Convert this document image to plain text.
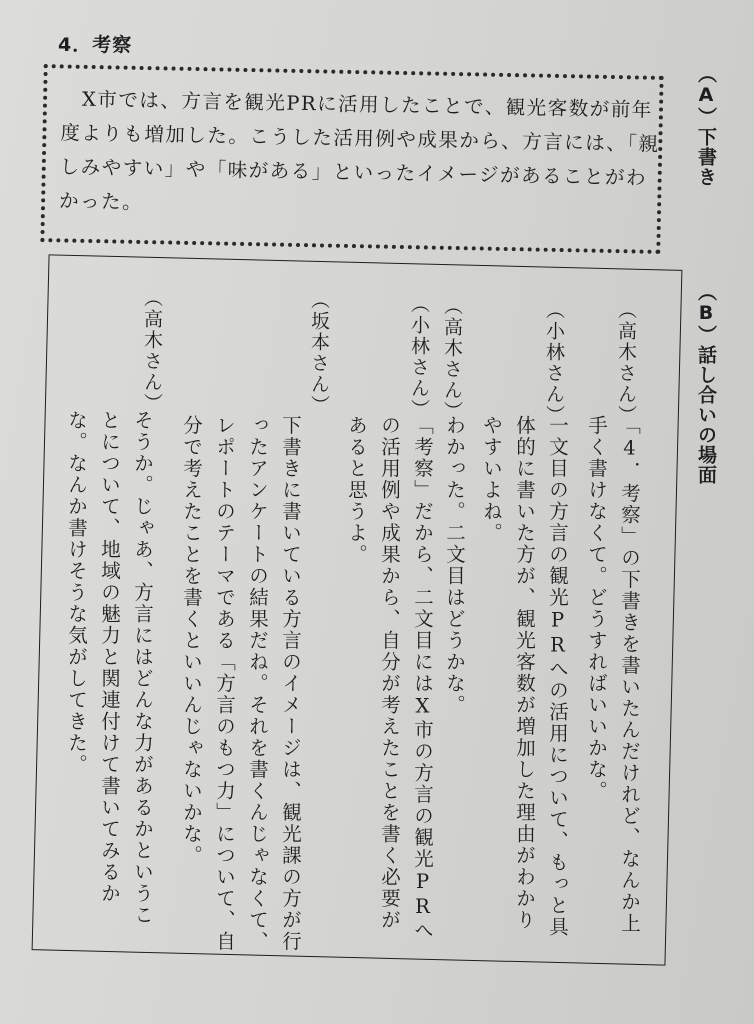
4．考察
（A）下書き
　X市では、方言を観光PRに活用したことで、観光客数が前年度よりも増加した。こうした活用例や成果から、方言には、「親しみやすい」や「味がある」といったイメージがあることがわかった。
（B）話し合いの場面
（高木さん）
「4．考察」の下書きを書いたんだけれど、なんか上手く書けなくて。どうすればいいかな。
（小林さん）
一文目の方言の観光PRへの活用について、もっと具体的に書いた方が、観光客数が増加した理由がわかりやすいよね。
（高木さん）
わかった。二文目はどうかな。
（小林さん）
「考察」だから、二文目にはX市の方言の観光PRへの活用例や成果から、自分が考えたことを書く必要があると思うよ。
（坂本さん）
下書きに書いている方言のイメージは、観光課の方が行ったアンケートの結果だね。それを書くんじゃなくて、レポートのテーマである「方言のもつ力」について、自分で考えたことを書くといいんじゃないかな。
（高木さん）
そうか。じゃあ、方言にはどんな力があるかということについて、地域の魅力と関連付けて書いてみるかな。なんか書けそうな気がしてきた。
